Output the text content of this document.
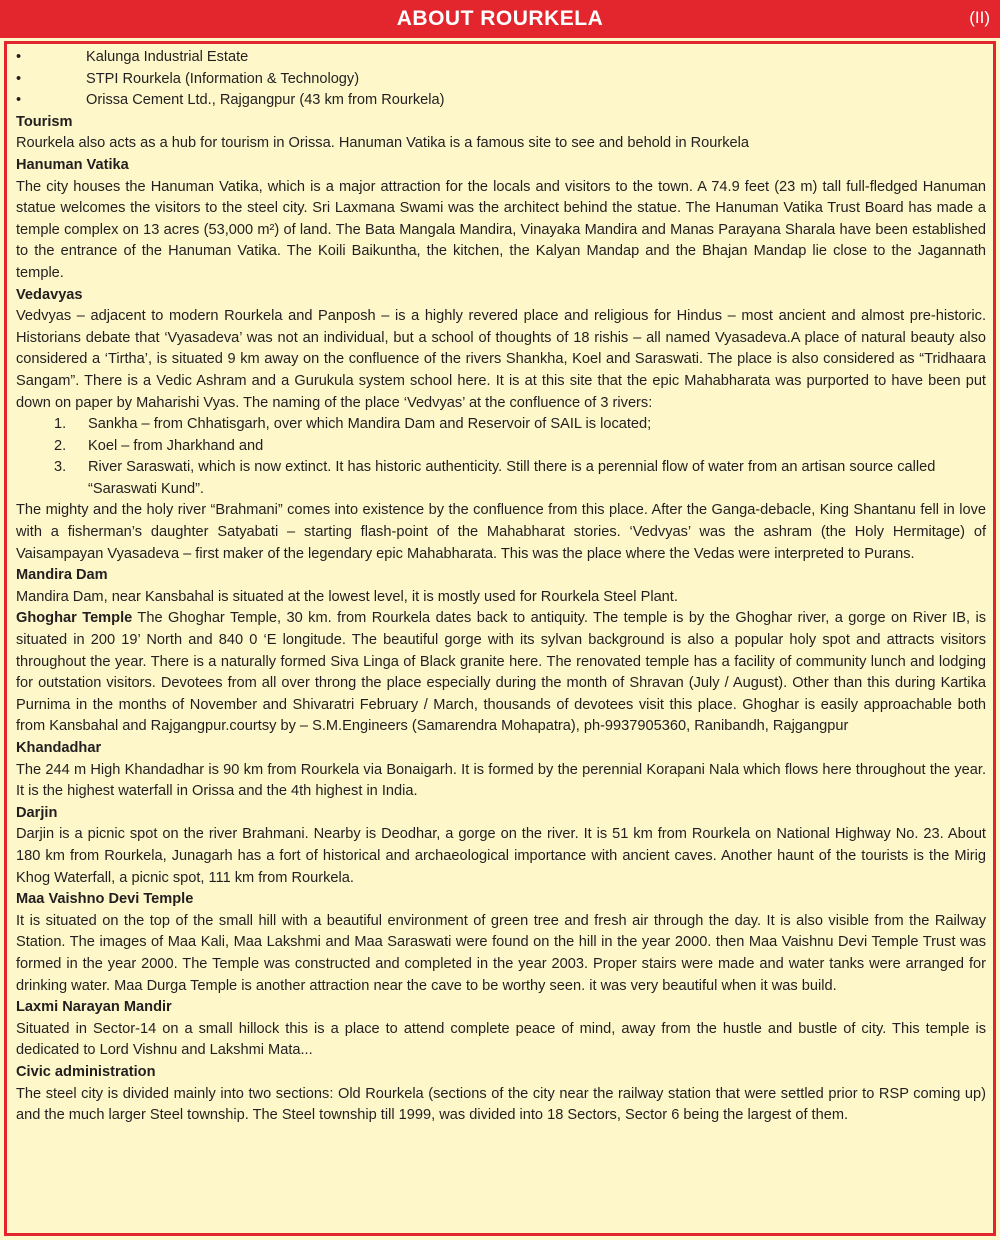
ABOUT ROURKELA	(II)
•	Kalunga Industrial Estate
•	STPI Rourkela (Information & Technology)
•	Orissa Cement Ltd., Rajgangpur (43 km from Rourkela)

Tourism

Rourkela also acts as a hub for tourism in Orissa. Hanuman Vatika is a famous site to see and behold in Rourkela

Hanuman Vatika

The city houses the Hanuman Vatika, which is a major attraction for the locals and visitors to the town. A 74.9 feet (23 m) tall full-fledged Hanuman statue welcomes the visitors to the steel city. Sri Laxmana Swami was the architect behind the statue. The Hanuman Vatika Trust Board has made a temple complex on 13 acres (53,000 m²) of land. The Bata Mangala Mandira, Vinayaka Mandira and Manas Parayana Sharala have been established to the entrance of the Hanuman Vatika. The Koili Baikuntha, the kitchen, the Kalyan Mandap and the Bhajan Mandap lie close to the Jagannath temple.

Vedavyas

Vedvyas – adjacent to modern Rourkela and Panposh – is a highly revered place and religious for Hindus – most ancient and almost pre-historic. Historians debate that ‘Vyasadeva’ was not an individual, but a school of thoughts of 18 rishis – all named Vyasadeva.A place of natural beauty also considered a ‘Tirtha’, is situated 9 km away on the confluence of the rivers Shankha, Koel and Saraswati. The place is also considered as “Tridhaara Sangam”. There is a Vedic Ashram and a Gurukula system school here. It is at this site that the epic Mahabharata was purported to have been put down on paper by Maharishi Vyas. The naming of the place ‘Vedvyas’ at the confluence of 3 rivers:

1.	Sankha – from Chhatisgarh, over which Mandira Dam and Reservoir of SAIL is located;
2.	Koel – from Jharkhand and
3.	River Saraswati, which is now extinct. It has historic authenticity. Still there is a perennial flow of water from an artisan source called “Saraswati Kund”.

The mighty and the holy river “Brahmani” comes into existence by the confluence from this place. After the Ganga-debacle, King Shantanu fell in love with a fisherman’s daughter Satyabati – starting flash-point of the Mahabharat stories. ‘Vedvyas’ was the ashram (the Holy Hermitage) of Vaisampayan Vyasadeva – first maker of the legendary epic Mahabharata. This was the place where the Vedas were interpreted to Purans.

Mandira Dam

Mandira Dam, near Kansbahal is situated at the lowest level, it is mostly used for Rourkela Steel Plant.

Ghoghar Temple The Ghoghar Temple, 30 km. from Rourkela dates back to antiquity. The temple is by the Ghoghar river, a gorge on River IB, is situated in 200 19’ North and 840 0 ‘E longitude. The beautiful gorge with its sylvan background is also a popular holy spot and attracts visitors throughout the year. There is a naturally formed Siva Linga of Black granite here. The renovated temple has a facility of community lunch and lodging for outstation visitors. Devotees from all over throng the place especially during the month of Shravan (July / August). Other than this during Kartika Purnima in the months of November and Shivaratri February / March, thousands of devotees visit this place. Ghoghar is easily approachable both from Kansbahal and Rajgangpur.courtsy by – S.M.Engineers (Samarendra Mohapatra), ph-9937905360, Ranibandh, Rajgangpur

Khandadhar

The 244 m High Khandadhar is 90 km from Rourkela via Bonaigarh. It is formed by the perennial Korapani Nala which flows here throughout the year. It is the highest waterfall in Orissa and the 4th highest in India.

Darjin

Darjin is a picnic spot on the river Brahmani. Nearby is Deodhar, a gorge on the river. It is 51 km from Rourkela on National Highway No. 23. About 180 km from Rourkela, Junagarh has a fort of historical and archaeological importance with ancient caves. Another haunt of the tourists is the Mirig Khog Waterfall, a picnic spot, 111 km from Rourkela.

Maa Vaishno Devi Temple

It is situated on the top of the small hill with a beautiful environment of green tree and fresh air through the day. It is also visible from the Railway Station. The images of Maa Kali, Maa Lakshmi and Maa Saraswati were found on the hill in the year 2000. then Maa Vaishnu Devi Temple Trust was formed in the year 2000. The Temple was constructed and completed in the year 2003. Proper stairs were made and water tanks were arranged for drinking water. Maa Durga Temple is another attraction near the cave to be worthy seen. it was very beautiful when it was build.

Laxmi Narayan Mandir

Situated in Sector-14 on a small hillock this is a place to attend complete peace of mind, away from the hustle and bustle of city. This temple is dedicated to Lord Vishnu and Lakshmi Mata...

Civic administration

The steel city is divided mainly into two sections: Old Rourkela (sections of the city near the railway station that were settled prior to RSP coming up) and the much larger Steel township. The Steel township till 1999, was divided into 18 Sectors, Sector 6 being the largest of them.
